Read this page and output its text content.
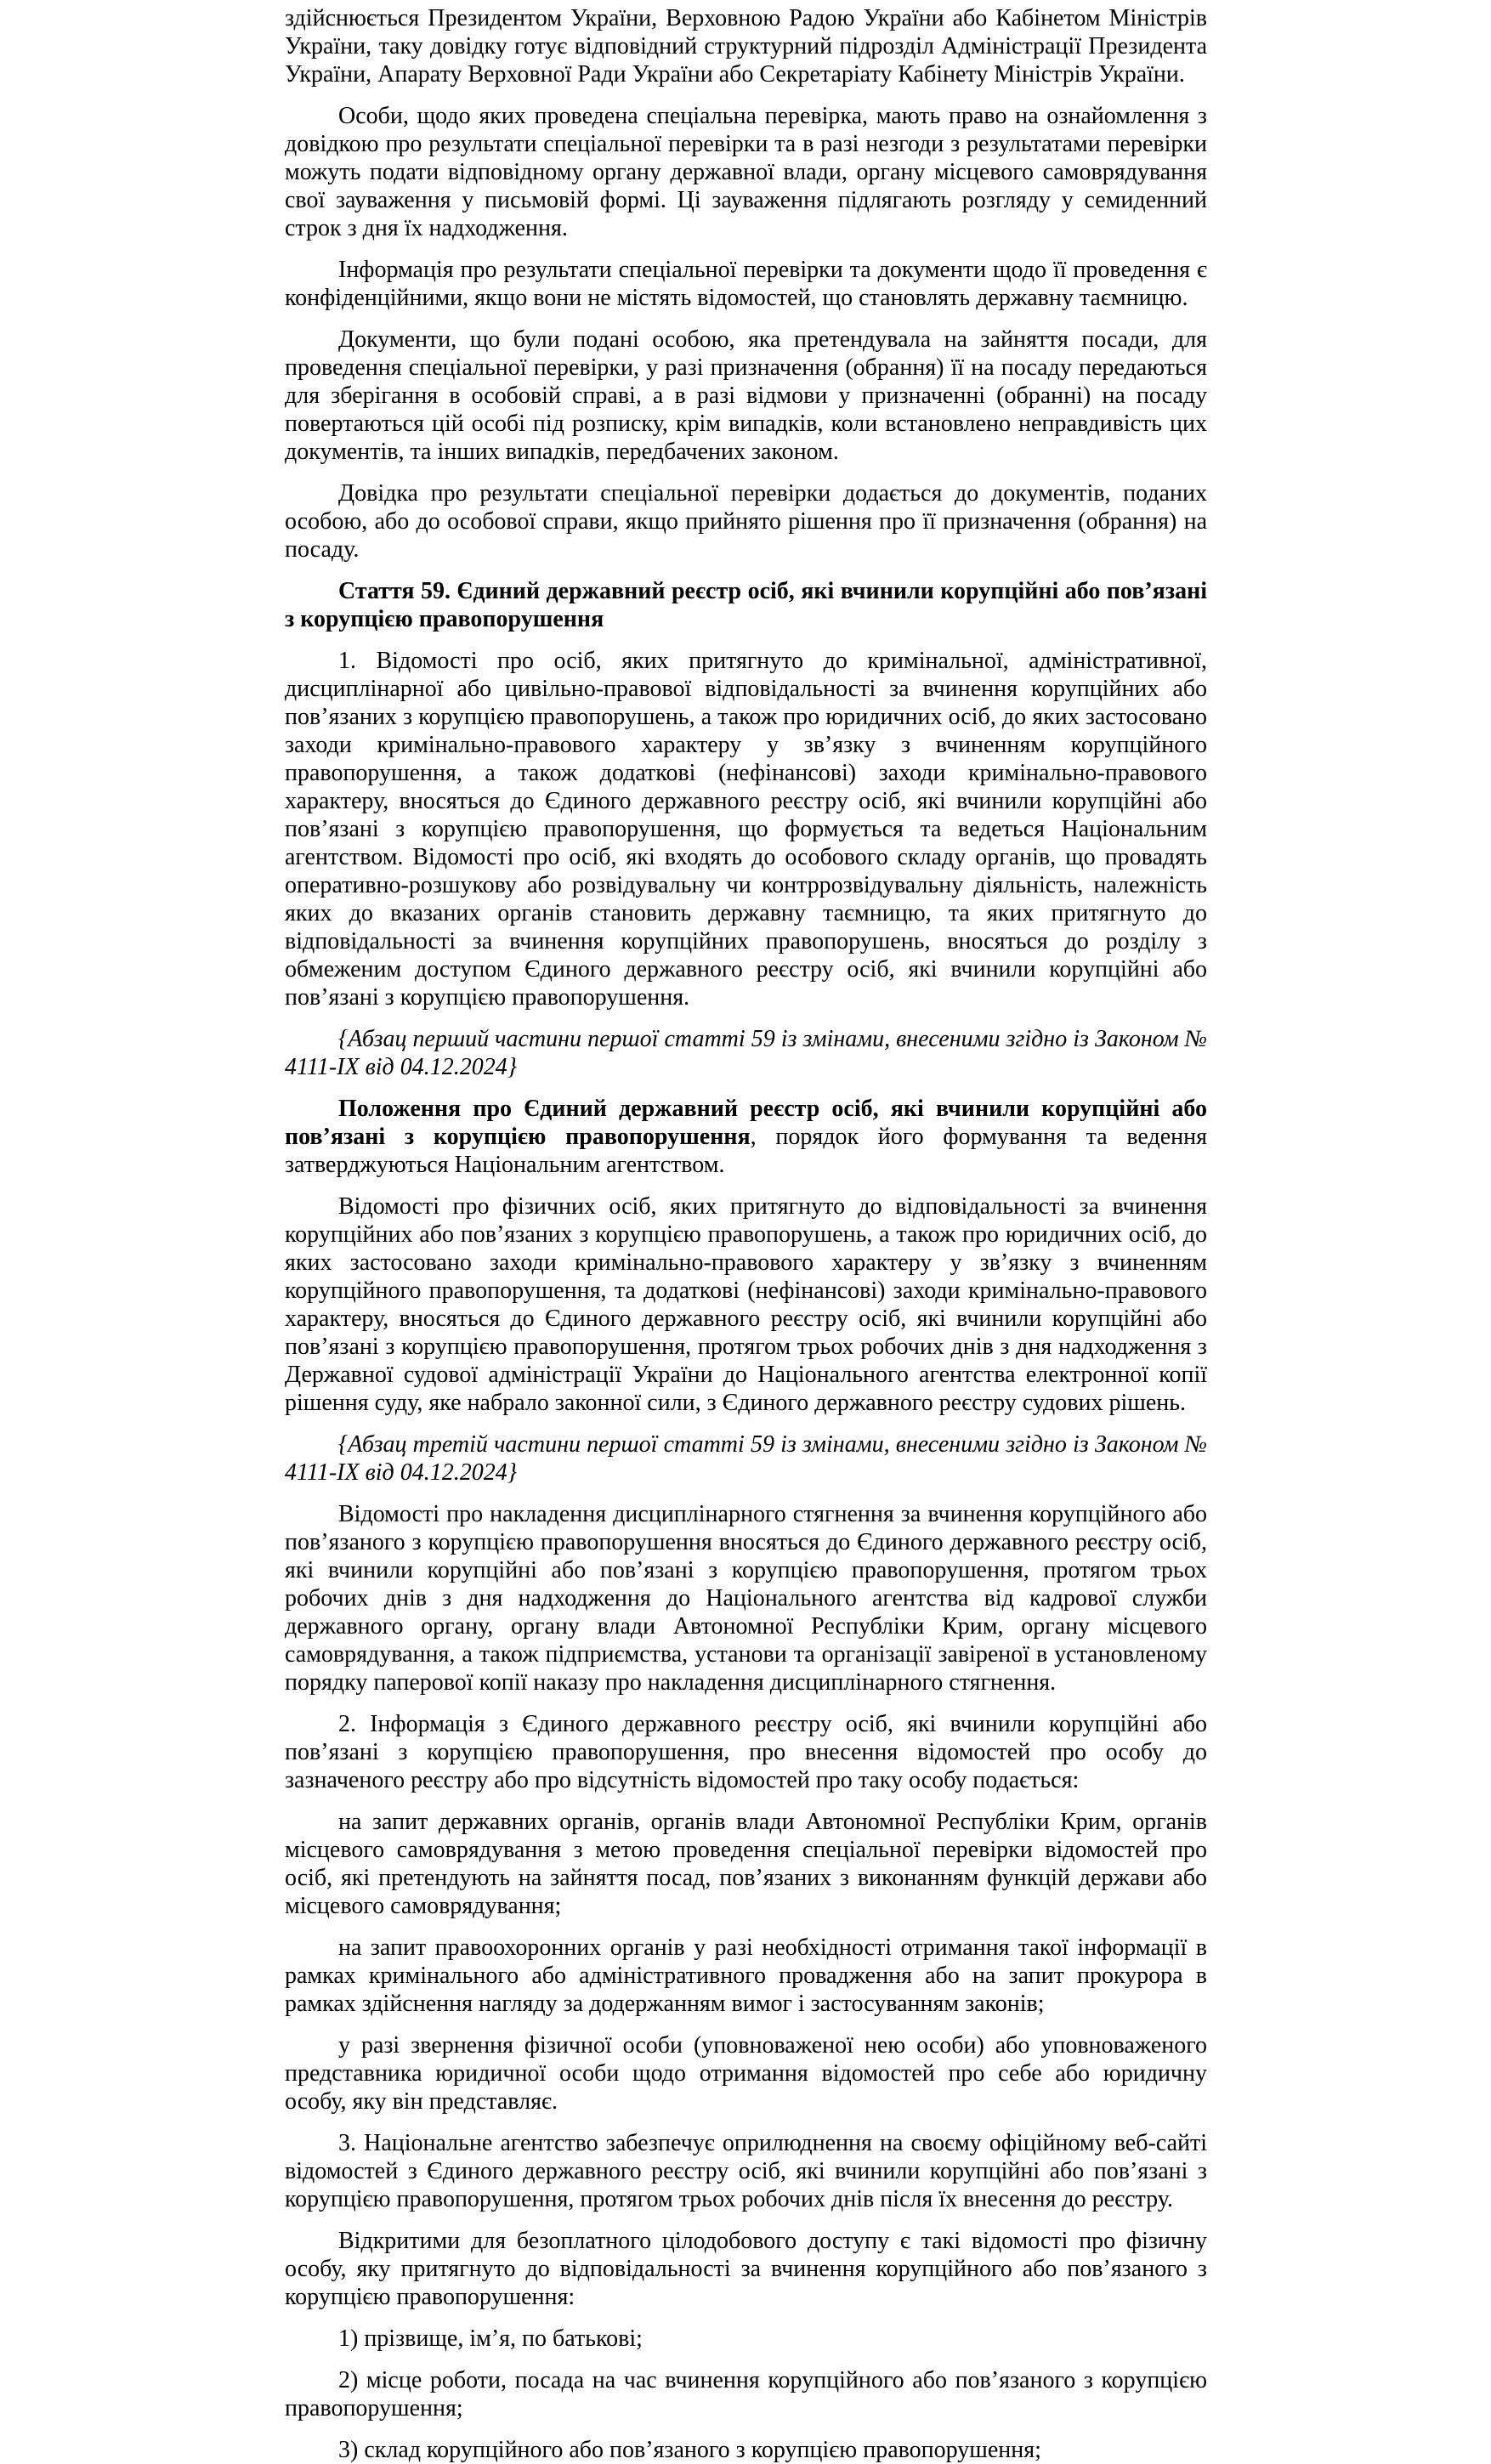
здійснюється Президентом України, Верховною Радою України або Кабінетом Міністрів України, таку довідку готує відповідний структурний підрозділ Адміністрації Президента України, Апарату Верховної Ради України або Секретаріату Кабінету Міністрів України.

Особи, щодо яких проведена спеціальна перевірка, мають право на ознайомлення з довідкою про результати спеціальної перевірки та в разі незгоди з результатами перевірки можуть подати відповідному органу державної влади, органу місцевого самоврядування свої зауваження у письмовій формі. Ці зауваження підлягають розгляду у семиденний строк з дня їх надходження.

Інформація про результати спеціальної перевірки та документи щодо її проведення є конфіденційними, якщо вони не містять відомостей, що становлять державну таємницю.

Документи, що були подані особою, яка претендувала на зайняття посади, для проведення спеціальної перевірки, у разі призначення (обрання) її на посаду передаються для зберігання в особовій справі, а в разі відмови у призначенні (обранні) на посаду повертаються цій особі під розписку, крім випадків, коли встановлено неправдивість цих документів, та інших випадків, передбачених законом.

Довідка про результати спеціальної перевірки додається до документів, поданих особою, або до особової справи, якщо прийнято рішення про її призначення (обрання) на посаду.

Стаття 59. Єдиний державний реєстр осіб, які вчинили корупційні або пов’язані з корупцією правопорушення

1. Відомості про осіб, яких притягнуто до кримінальної, адміністративної, дисциплінарної або цивільно-правової відповідальності за вчинення корупційних або пов’язаних з корупцією правопорушень, а також про юридичних осіб, до яких застосовано заходи кримінально-правового характеру у зв’язку з вчиненням корупційного правопорушення, а також додаткові (нефінансові) заходи кримінально-правового характеру, вносяться до Єдиного державного реєстру осіб, які вчинили корупційні або пов’язані з корупцією правопорушення, що формується та ведеться Національним агентством. Відомості про осіб, які входять до особового складу органів, що провадять оперативно-розшукову або розвідувальну чи контррозвідувальну діяльність, належність яких до вказаних органів становить державну таємницю, та яких притягнуто до відповідальності за вчинення корупційних правопорушень, вносяться до розділу з обмеженим доступом Єдиного державного реєстру осіб, які вчинили корупційні або пов’язані з корупцією правопорушення.

{Абзац перший частини першої статті 59 із змінами, внесеними згідно із Законом № 4111-IX від 04.12.2024}

Положення про Єдиний державний реєстр осіб, які вчинили корупційні або пов’язані з корупцією правопорушення, порядок його формування та ведення затверджуються Національним агентством.

Відомості про фізичних осіб, яких притягнуто до відповідальності за вчинення корупційних або пов’язаних з корупцією правопорушень, а також про юридичних осіб, до яких застосовано заходи кримінально-правового характеру у зв’язку з вчиненням корупційного правопорушення, та додаткові (нефінансові) заходи кримінально-правового характеру, вносяться до Єдиного державного реєстру осіб, які вчинили корупційні або пов’язані з корупцією правопорушення, протягом трьох робочих днів з дня надходження з Державної судової адміністрації України до Національного агентства електронної копії рішення суду, яке набрало законної сили, з Єдиного державного реєстру судових рішень.

{Абзац третій частини першої статті 59 із змінами, внесеними згідно із Законом № 4111-IX від 04.12.2024}

Відомості про накладення дисциплінарного стягнення за вчинення корупційного або пов’язаного з корупцією правопорушення вносяться до Єдиного державного реєстру осіб, які вчинили корупційні або пов’язані з корупцією правопорушення, протягом трьох робочих днів з дня надходження до Національного агентства від кадрової служби державного органу, органу влади Автономної Республіки Крим, органу місцевого самоврядування, а також підприємства, установи та організації завіреної в установленому порядку паперової копії наказу про накладення дисциплінарного стягнення.

2. Інформація з Єдиного державного реєстру осіб, які вчинили корупційні або пов’язані з корупцією правопорушення, про внесення відомостей про особу до зазначеного реєстру або про відсутність відомостей про таку особу подається:

на запит державних органів, органів влади Автономної Республіки Крим, органів місцевого самоврядування з метою проведення спеціальної перевірки відомостей про осіб, які претендують на зайняття посад, пов’язаних з виконанням функцій держави або місцевого самоврядування;

на запит правоохоронних органів у разі необхідності отримання такої інформації в рамках кримінального або адміністративного провадження або на запит прокурора в рамках здійснення нагляду за додержанням вимог і застосуванням законів;

у разі звернення фізичної особи (уповноваженої нею особи) або уповноваженого представника юридичної особи щодо отримання відомостей про себе або юридичну особу, яку він представляє.

3. Національне агентство забезпечує оприлюднення на своєму офіційному веб-сайті відомостей з Єдиного державного реєстру осіб, які вчинили корупційні або пов’язані з корупцією правопорушення, протягом трьох робочих днів після їх внесення до реєстру.

Відкритими для безоплатного цілодобового доступу є такі відомості про фізичну особу, яку притягнуто до відповідальності за вчинення корупційного або пов’язаного з корупцією правопорушення:

1) прізвище, ім’я, по батькові;

2) місце роботи, посада на час вчинення корупційного або пов’язаного з корупцією правопорушення;

3) склад корупційного або пов’язаного з корупцією правопорушення;
